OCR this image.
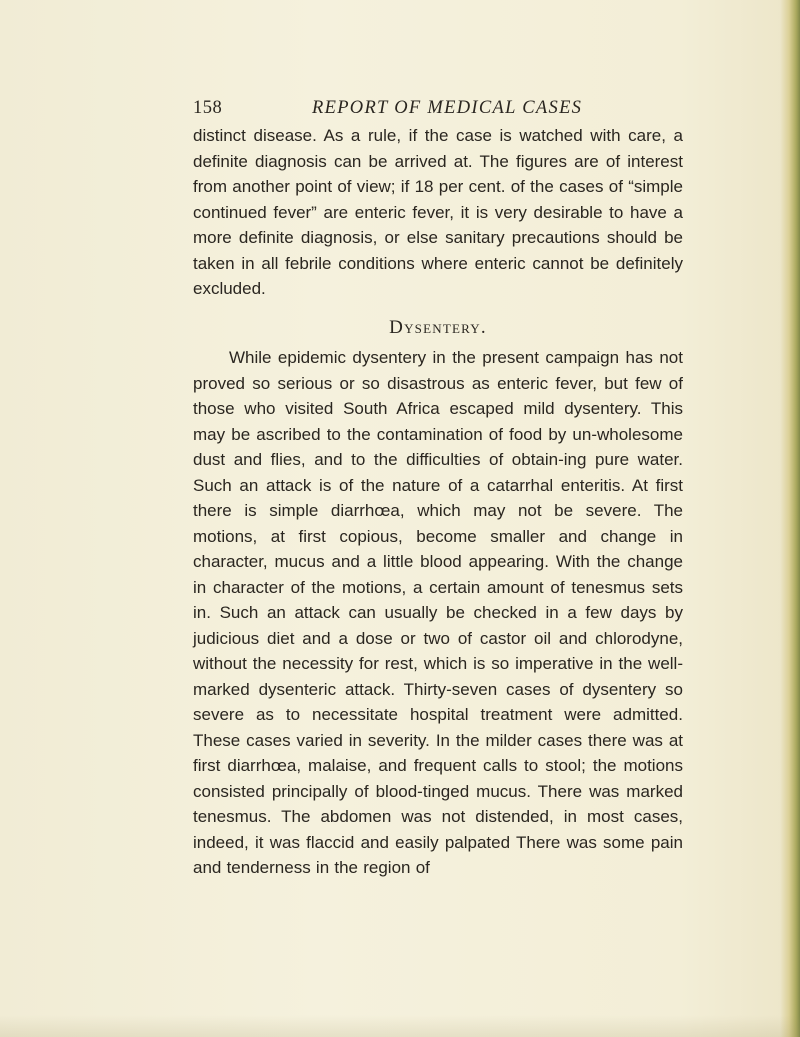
158	REPORT OF MEDICAL CASES

distinct disease. As a rule, if the case is watched with care, a definite diagnosis can be arrived at. The figures are of interest from another point of view; if 18 per cent. of the cases of “simple continued fever” are enteric fever, it is very desirable to have a more definite diagnosis, or else sanitary precautions should be taken in all febrile conditions where enteric cannot be definitely excluded.

Dysentery.

While epidemic dysentery in the present campaign has not proved so serious or so disastrous as enteric fever, but few of those who visited South Africa escaped mild dysentery. This may be ascribed to the contamination of food by un-wholesome dust and flies, and to the difficulties of obtain-ing pure water. Such an attack is of the nature of a catarrhal enteritis. At first there is simple diarrhœa, which may not be severe. The motions, at first copious, become smaller and change in character, mucus and a little blood appearing. With the change in character of the motions, a certain amount of tenesmus sets in. Such an attack can usually be checked in a few days by judicious diet and a dose or two of castor oil and chlorodyne, without the necessity for rest, which is so imperative in the well-marked dysenteric attack. Thirty-seven cases of dysentery so severe as to necessitate hospital treatment were admitted. These cases varied in severity. In the milder cases there was at first diarrhœa, malaise, and frequent calls to stool; the motions consisted principally of blood-tinged mucus. There was marked tenesmus. The abdomen was not distended, in most cases, indeed, it was flaccid and easily palpated There was some pain and tenderness in the region of
